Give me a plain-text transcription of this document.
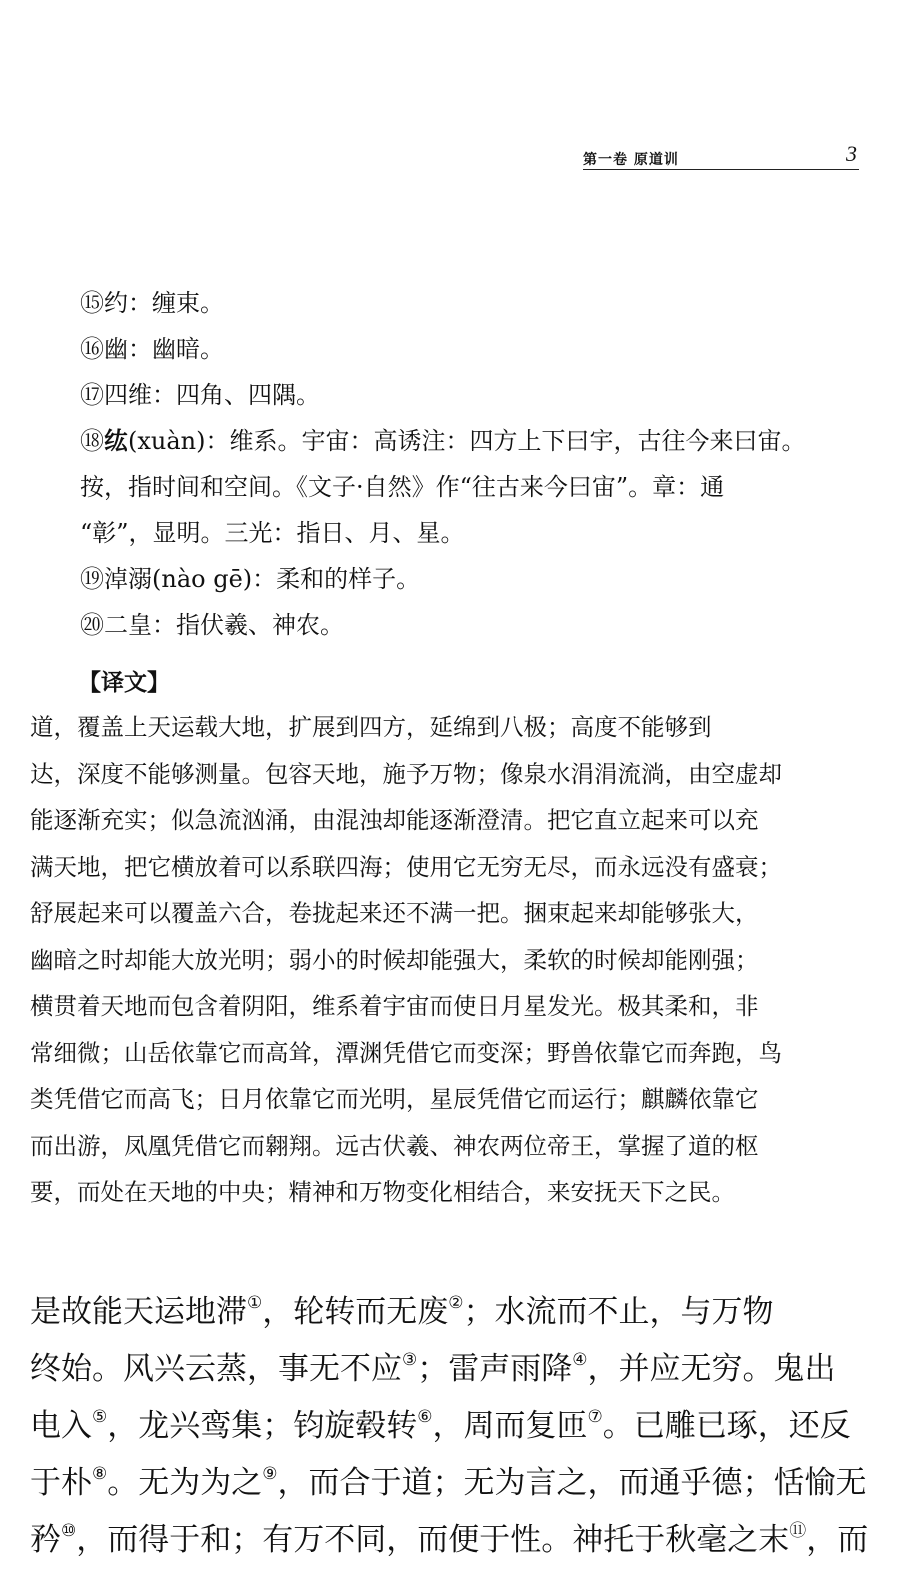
第一卷 原道训	3
⑮约：缠束。
⑯幽：幽暗。
⑰四维：四角、四隅。
⑱纮(xuàn)：维系。宇宙：高诱注：四方上下曰宇，古往今来曰宙。
按，指时间和空间。《文子·自然》作“往古来今曰宙”。章：通
“彰”，显明。三光：指日、月、星。
⑲淖溺(nào gē)：柔和的样子。
⑳二皇：指伏羲、神农。
【译文】
道，覆盖上天运载大地，扩展到四方，延绵到八极；高度不能够到
达，深度不能够测量。包容天地，施予万物；像泉水涓涓流淌，由空虚却
能逐渐充实；似急流汹涌，由混浊却能逐渐澄清。把它直立起来可以充
满天地，把它横放着可以系联四海；使用它无穷无尽，而永远没有盛衰；
舒展起来可以覆盖六合，卷拢起来还不满一把。捆束起来却能够张大，
幽暗之时却能大放光明；弱小的时候却能强大，柔软的时候却能刚强；
横贯着天地而包含着阴阳，维系着宇宙而使日月星发光。极其柔和，非
常细微；山岳依靠它而高耸，潭渊凭借它而变深；野兽依靠它而奔跑，鸟
类凭借它而高飞；日月依靠它而光明，星辰凭借它而运行；麒麟依靠它
而出游，凤凰凭借它而翱翔。远古伏羲、神农两位帝王，掌握了道的枢
要，而处在天地的中央；精神和万物变化相结合，来安抚天下之民。
是故能天运地滞①，轮转而无废②；水流而不止，与万物
终始。风兴云蒸，事无不应③；雷声雨降④，并应无穷。鬼出
电入⑤，龙兴鸾集；钧旋毂转⑥，周而复匝⑦。已雕已琢，还反
于朴⑧。无为为之⑨，而合于道；无为言之，而通乎德；恬愉无
矜⑩，而得于和；有万不同，而便于性。神托于秋毫之末⑪，而
